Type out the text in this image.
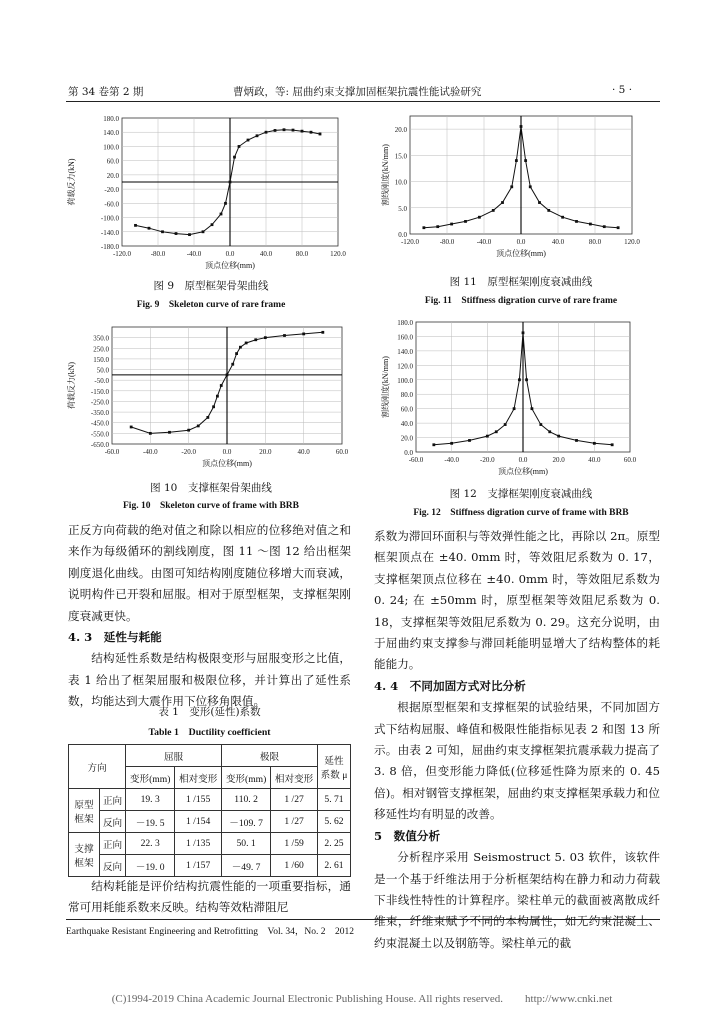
第 34 卷第 2 期	曹炳政，等: 屈曲约束支撑加固框架抗震性能试验研究	· 5 ·
180.0
140.0
100.0
60.0
20.0
-20.0
-60.0
-100.0
-140.0
-180.0
-120.0	-80.0	-40.0	0.0	40.0	80.0	120.0
顶点位移(mm)
荷载反力(kN)
图 9　原型框架骨架曲线
Fig. 9　Skeleton curve of rare frame
350.0
250.0
150.0
50.0
-50.0
-150.0
-250.0
-350.0
-450.0
-550.0
-650.0
-60.0	-40.0	-20.0	0.0	20.0	40.0	60.0
顶点位移(mm)
荷载反力(kN)
图 10　支撑框架骨架曲线
Fig. 10　Skeleton curve of frame with BRB
20.0
15.0
10.0
5.0
0.0
-120.0	-80.0	-40.0	0.0	40.0	80.0	120.0
顶点位移(mm)
割线刚度(kN/mm)
图 11　原型框架刚度衰减曲线
Fig. 11　Stiffness digration curve of rare frame
180.0
160.0
140.0
120.0
100.0
80.0
60.0
40.0
20.0
0.0
-60.0	-40.0	-20.0	0.0	20.0	40.0	60.0
顶点位移(mm)
割线刚度(kN/mm)
图 12　支撑框架刚度衰减曲线
Fig. 12　Stiffness digration curve of frame with BRB

正反方向荷载的绝对值之和除以相应的位移绝对值之和来作为每级循环的割线刚度，图 11 ～图 12 给出框架刚度退化曲线。由图可知结构刚度随位移增大而衰减，说明构件已开裂和屈服。相对于原型框架，支撑框架刚度衰减更快。

4. 3　延性与耗能

结构延性系数是结构极限变形与屈服变形之比值，表 1 给出了框架屈服和极限位移，并计算出了延性系数，均能达到大震作用下位移角限值。

表 1　变形(延性)系数
Table 1　Ductility coefficient
方向		屈服		极限		延性系数 μ
		变形(mm)	相对变形	变形(mm)	相对变形	
原型框架	正向	19. 3	1 /155	110. 2	1 /27	5. 71
	反向	－19. 5	1 /154	－109. 7	1 /27	5. 62
支撑框架	正向	22. 3	1 /135	50. 1	1 /59	2. 25
	反向	－19. 0	1 /157	－49. 7	1 /60	2. 61

结构耗能是评价结构抗震性能的一项重要指标，通常可用耗能系数来反映。结构等效粘滞阻尼

系数为滞回环面积与等效弹性能之比，再除以 2π。原型框架顶点在 ±40. 0mm 时，等效阻尼系数为 0. 17，支撑框架顶点位移在 ±40. 0mm 时，等效阻尼系数为 0. 24; 在 ±50mm 时，原型框架等效阻尼系数为 0. 18，支撑框架等效阻尼系数为 0. 29。这充分说明，由于屈曲约束支撑参与滞回耗能明显增大了结构整体的耗能能力。

4. 4　不同加固方式对比分析

根据原型框架和支撑框架的试验结果，不同加固方式下结构屈服、峰值和极限性能指标见表 2 和图 13 所示。由表 2 可知，屈曲约束支撑框架抗震承载力提高了 3. 8 倍，但变形能力降低(位移延性降为原来的 0. 45 倍)。相对钢管支撑框架，屈曲约束支撑框架承载力和位移延性均有明显的改善。

5　数值分析

分析程序采用 Seismostruct 5. 03 软件，该软件是一个基于纤维法用于分析框架结构在静力和动力荷载下非线性特性的计算程序。梁柱单元的截面被离散成纤维束，纤维束赋予不同的本构属性，如无约束混凝土、约束混凝土以及钢筋等。梁柱单元的截

Earthquake Resistant Engineering and Retrofitting　Vol. 34，No. 2　2012
(C)1994-2019 China Academic Journal Electronic Publishing House. All rights reserved.　　http://www.cnki.net
